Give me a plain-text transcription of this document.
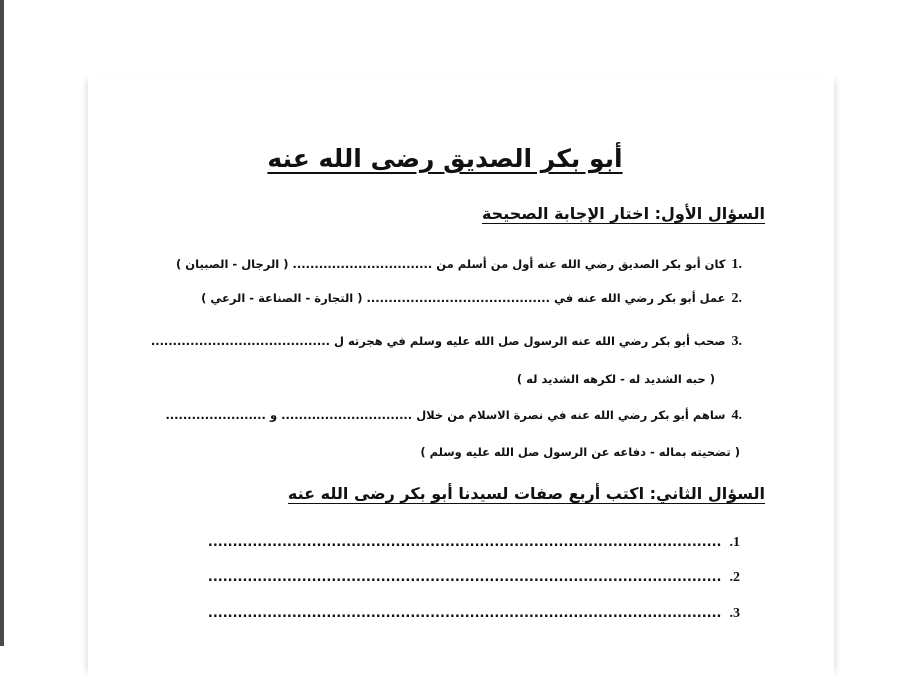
أبو بكر الصديق رضى الله عنه
السؤال الأول: اختار الإجابة الصحيحة
1.كان أبو بكر الصديق رضي الله عنه أول من أسلم من ................................ ( الرجال - الصبيان )
2.عمل أبو بكر رضي الله عنه في .......................................... ( التجارة - الصناعة - الرعي )
3.صحب أبو بكر رضي الله عنه الرسول صل الله عليه وسلم في هجرته ل .........................................
( حبه الشديد له - لكرهه الشديد له )
4.ساهم أبو بكر رضي الله عنه في نصرة الاسلام من خلال .............................. و .......................
( تضحيته بماله - دفاعه عن الرسول صل الله عليه وسلم )
السؤال الثاني: اكتب أربع صفات لسيدنا أبو بكر رضى الله عنه
.1........................................................................................................
.2........................................................................................................
.3........................................................................................................
